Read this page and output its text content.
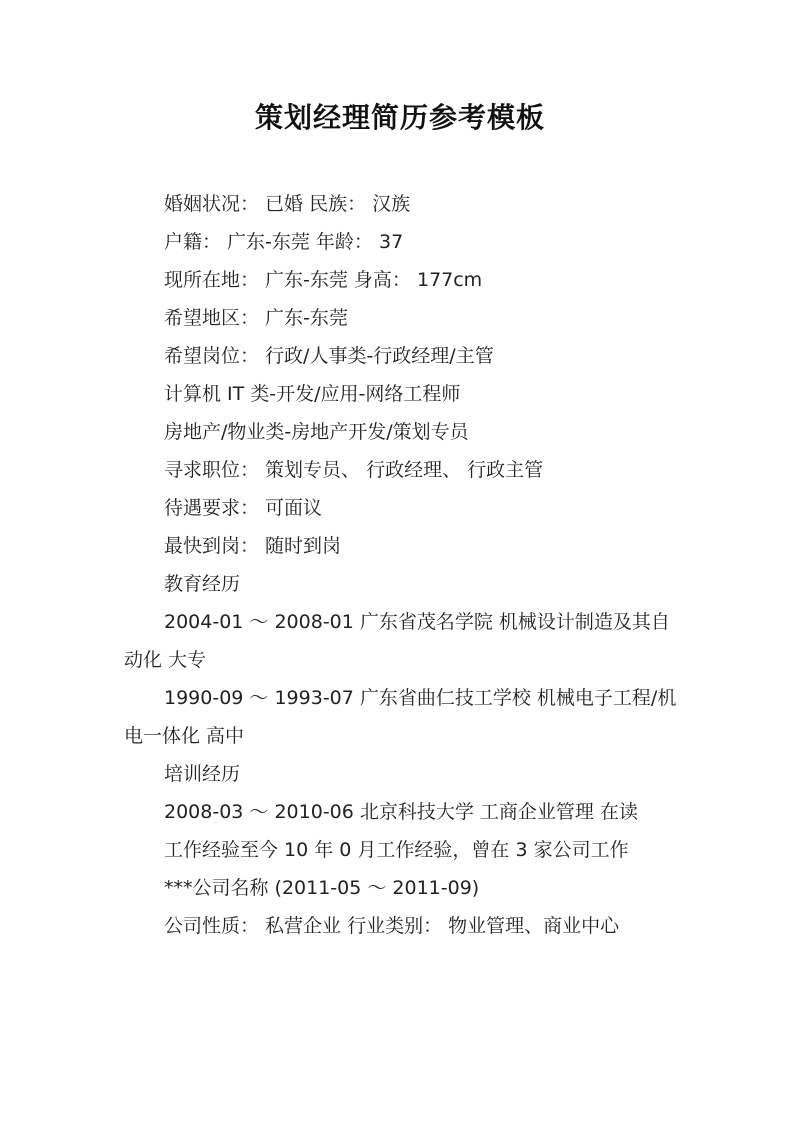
策划经理简历参考模板

婚姻状况： 已婚 民族： 汉族

户籍： 广东-东莞 年龄： 37

现所在地： 广东-东莞 身高： 177cm

希望地区： 广东-东莞

希望岗位： 行政/人事类-行政经理/主管

计算机 IT 类-开发/应用-网络工程师

房地产/物业类-房地产开发/策划专员

寻求职位： 策划专员、 行政经理、 行政主管

待遇要求： 可面议

最快到岗： 随时到岗

教育经历

2004-01 ～ 2008-01 广东省茂名学院 机械设计制造及其自动化 大专

1990-09 ～ 1993-07 广东省曲仁技工学校 机械电子工程/机电一体化 高中

培训经历

2008-03 ～ 2010-06 北京科技大学 工商企业管理 在读

工作经验至今 10 年 0 月工作经验，曾在 3 家公司工作

***公司名称 (2011-05 ～ 2011-09)

公司性质： 私营企业 行业类别： 物业管理、商业中心
